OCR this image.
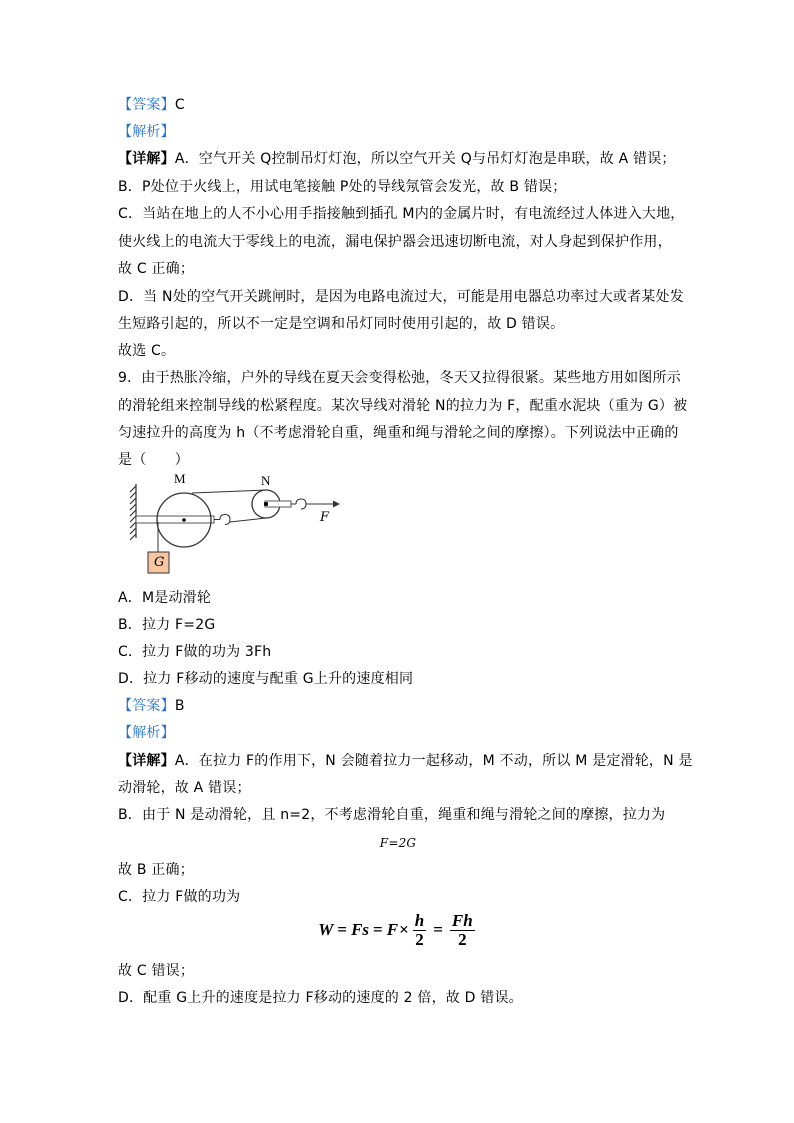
【答案】C
【解析】
【详解】A．空气开关 Q控制吊灯灯泡，所以空气开关 Q与吊灯灯泡是串联，故 A 错误；
B．P处位于火线上，用试电笔接触 P处的导线氖管会发光，故 B 错误；
C．当站在地上的人不小心用手指接触到插孔 M内的金属片时，有电流经过人体进入大地，
使火线上的电流大于零线上的电流，漏电保护器会迅速切断电流，对人身起到保护作用，
故 C 正确；
D．当 N处的空气开关跳闸时，是因为电路电流过大，可能是用电器总功率过大或者某处发
生短路引起的，所以不一定是空调和吊灯同时使用引起的，故 D 错误。
故选 C。
9．由于热胀冷缩，户外的导线在夏天会变得松弛，冬天又拉得很紧。某些地方用如图所示
的滑轮组来控制导线的松紧程度。某次导线对滑轮 N的拉力为 F，配重水泥块（重为 G）被
匀速拉升的高度为 h（不考虑滑轮自重，绳重和绳与滑轮之间的摩擦）。下列说法中正确的
是（　　）
M	N
F
G
A．M是动滑轮
B．拉力 F=2G
C．拉力 F做的功为 3Fh
D．拉力 F移动的速度与配重 G上升的速度相同
【答案】B
【解析】
【详解】A．在拉力 F的作用下，N 会随着拉力一起移动，M 不动，所以 M 是定滑轮，N 是
动滑轮，故 A 错误；
B．由于 N 是动滑轮，且 n=2，不考虑滑轮自重，绳重和绳与滑轮之间的摩擦，拉力为
F=2G
故 B 正确；
C．拉力 F做的功为
$W = Fs = F \times \frac{h}{2} = \frac{Fh}{2}$
故 C 错误；
D．配重 G上升的速度是拉力 F移动的速度的 2 倍，故 D 错误。
